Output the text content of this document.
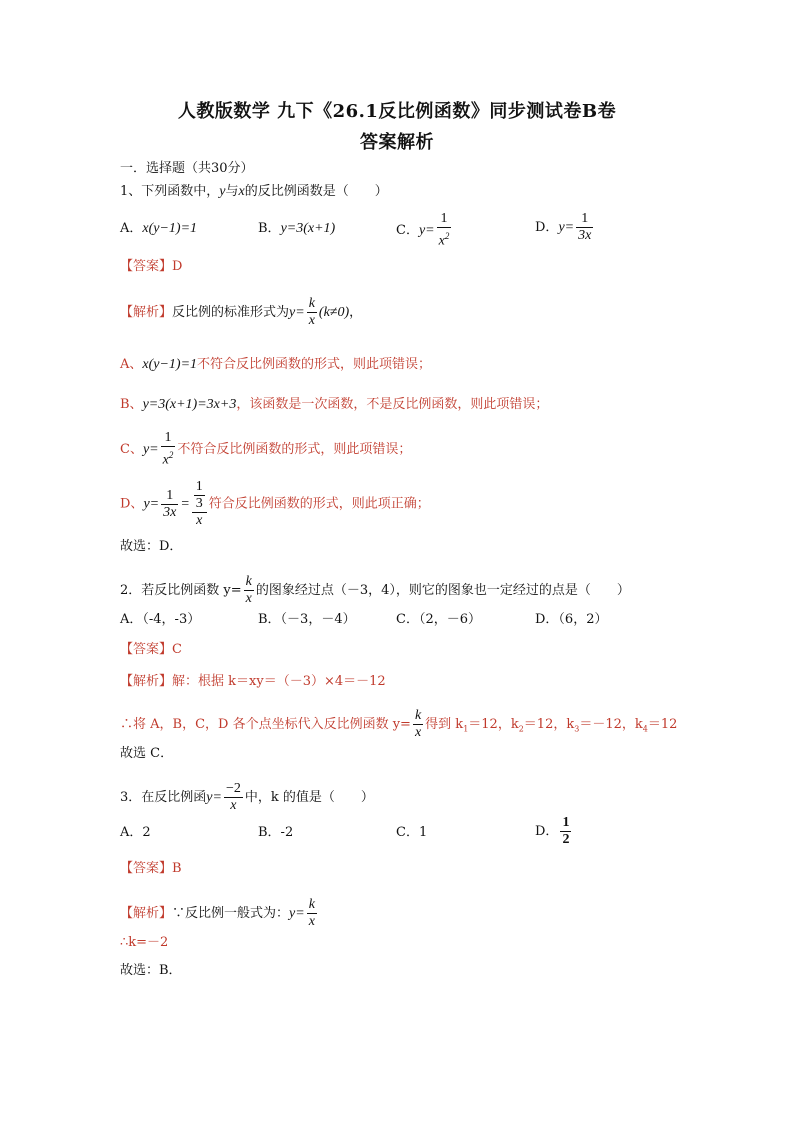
人教版数学 九下《26.1反比例函数》同步测试卷B卷
答案解析
一．选择题（共30分）
1、下列函数中，y与x的反比例函数是（　　）
A．x(y−1)=1	B．y=3(x+1)	C．$y= \frac{1}{x^2}$	D．$y= \frac{1}{3x}$
【答案】D
【解析】反比例的标准形式为$y= \frac{k}{x} (k\ne 0)$，
A、x(y−1)=1不符合反比例函数的形式，则此项错误；
B、y=3(x+1)=3x+3，该函数是一次函数，不是反比例函数，则此项错误；
C、$y= \frac{1}{x^2}$ 不符合反比例函数的形式，则此项错误；
D、$y= \frac{1}{3x} = \frac{\frac{1}{3}}{x}$ 符合反比例函数的形式，则此项正确；
故选：D．
2．若反比例函数 $y= \frac{k}{x}$ 的图象经过点（－3，4），则它的图象也一定经过的点是（　　）
A．（-4，-3）	B．（－3，－4）	C．（2，－6）	D．（6，2）
【答案】C
【解析】解：根据 k＝xy＝（－3）×4＝－12
∴将 A，B，C，D 各个点坐标代入反比例函数 $y= \frac{k}{x}$ 得到 $k_1=12$，$k_2=12$，$k_3=-12$，$k_4=12$
故选 C．
3．在反比例函$y= \frac{-2}{x}$ 中，k 的值是（　　）
A．2	B．-2	C．1	D． $\frac{1}{2}$
【答案】B
【解析】∵反比例一般式为：$y= \frac{k}{x}$
∴k=－2
故选：B．
